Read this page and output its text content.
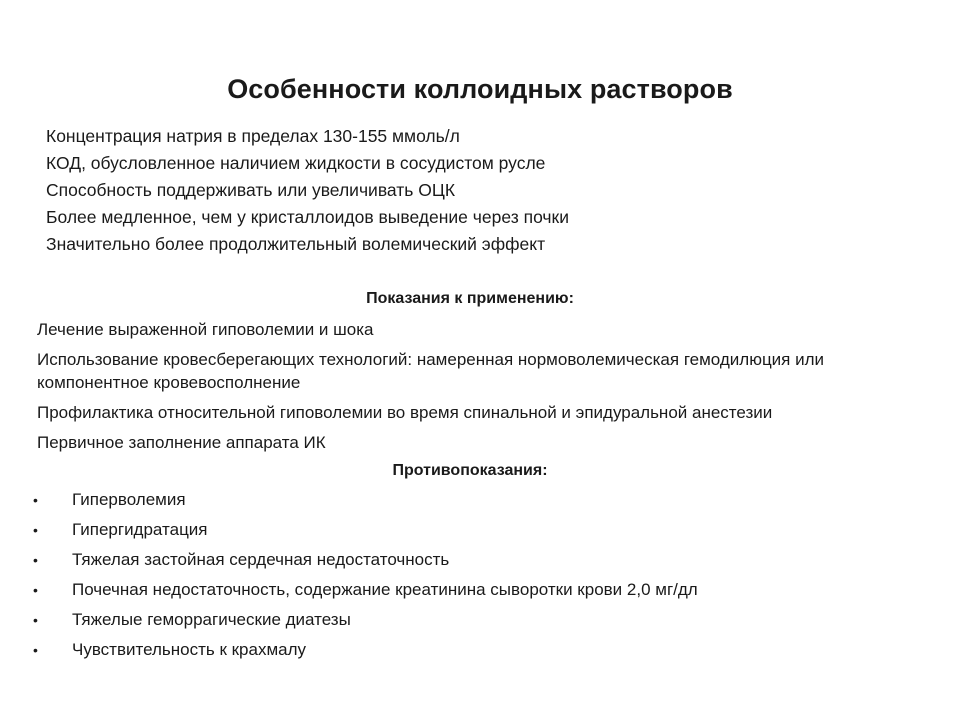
Особенности коллоидных растворов
Концентрация натрия в пределах 130-155 ммоль/л
КОД, обусловленное наличием жидкости в сосудистом русле
Способность поддерживать или увеличивать ОЦК
Более медленное, чем у кристаллоидов выведение через почки
Значительно более продолжительный волемический эффект
Показания к применению:
Лечение выраженной гиповолемии и шока
Использование кровесберегающих технологий: намеренная нормоволемическая гемодилюция или компонентное кровевосполнение
Профилактика относительной гиповолемии во время спинальной и эпидуральной анестезии
Первичное заполнение аппарата ИК
Противопоказания:
•	Гиперволемия
•	Гипергидратация
•	Тяжелая застойная сердечная недостаточность
•	Почечная недостаточность, содержание креатинина сыворотки крови 2,0 мг/дл
•	Тяжелые геморрагические диатезы
•	Чувствительность к крахмалу
